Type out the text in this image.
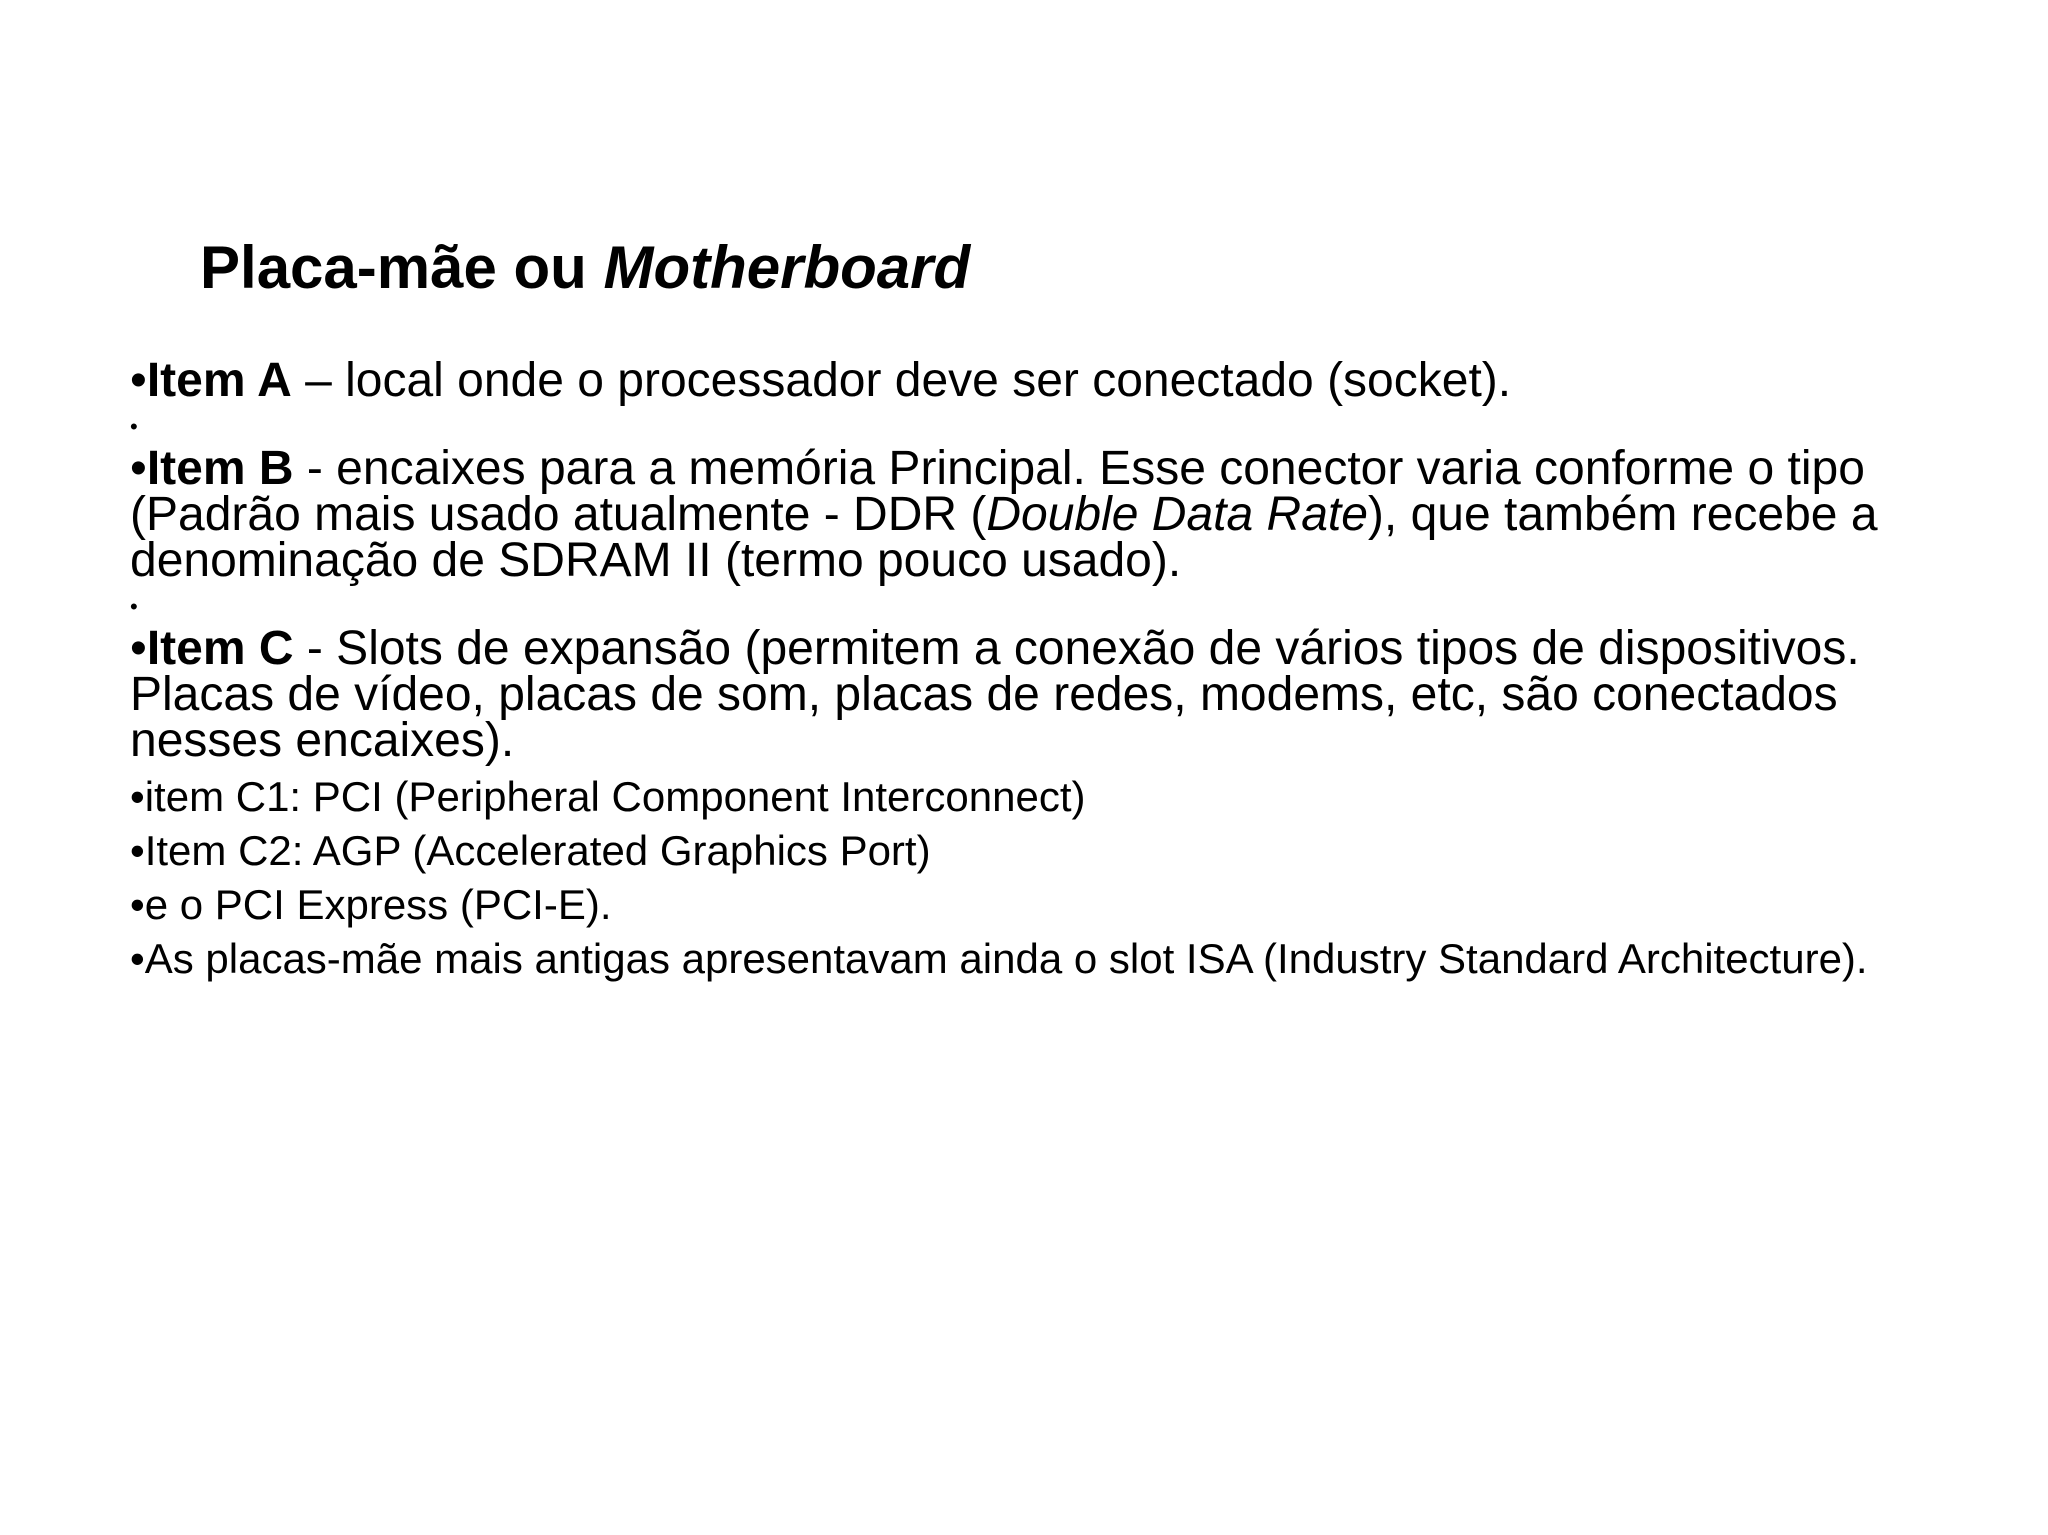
Placa-mãe ou Motherboard

•Item A – local onde o processador deve ser conectado (socket).

•

•Item B - encaixes para a memória Principal. Esse conector varia conforme o tipo (Padrão mais usado atualmente - DDR (Double Data Rate), que também recebe a denominação de SDRAM II (termo pouco usado).

•

•Item C - Slots de expansão (permitem a conexão de vários tipos de dispositivos. Placas de vídeo, placas de som, placas de redes, modems, etc, são conectados nesses encaixes).

•item C1: PCI (Peripheral Component Interconnect)

•Item C2: AGP (Accelerated Graphics Port)

•e o PCI Express (PCI-E).

•As placas-mãe mais antigas apresentavam ainda o slot ISA (Industry Standard Architecture).
